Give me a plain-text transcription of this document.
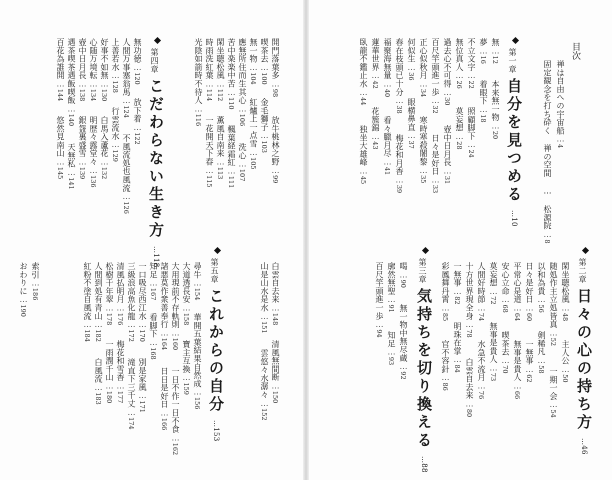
目次
禅は自由への宇宙船…4
固定観念を打ち砕く 禅の空間 … 松源院…8
第一章
自分を見つめる
…10
無…12
本来無一物…20
夢…16
着眼下…18
不立文字…22
照顧脚下…24
無位真人…26
莫妄想…28
過去心不可得…30
壺中日月長…31
百尺竿頭進一歩…32
日々是好日…33
正心似秋月…34
寒時寒殺闍黎…35
何似生…36
眼横鼻直…37
春在枝頭已十分…38
梅花和月香…39
福聚海無量…40
看々臘月尽…41
蓮華世界…42
花簇錦…43
臥龍不鑑止水…44
独坐大雄峰…45
第二章
日々の心の持ち方
…46
閑坐聴松風…48
主人公…50
随処作主立処皆真…52
一期一会…54
以和為貴…56
剣稀凡…58
日々是好日…60
一無事…62
平常心是道…64
無事是貴人…66
安心立命…68
喫茶去…70
莫妄想…72
無事是貴人…73
人間好時節…74
水急不流月…76
十方世界現全身…78
白雲自去来…80
一無事…82
明珠在掌…84
彩鳳舞丹霄…85
官不容針…86
第三章
気持ちを切り換える
…88
喝…90
無一物中無尽蔵…92
廓然無聖…91
知足…93
百尺竿頭進一歩…94
第四章
こだわらない生き方
…118
開門落葉多…98
放牛桃林之野…99
喫茶去…100
金毛獅子…103
無一物…104
紅爐上一点雪…105
應無所住而生其心…106
洗心…107
苦中楽楽中苦…110
楓葉経霜紅…111
閑坐聴松風…112
薫風自南来…113
時雨洗紅葉…114
一花開天下春…115
光陰如箭時不待人…116
無功徳…120
放下着…122
人間万事塞翁馬…124
不風流処也風流…126
上善若水…128
行雲流水…129
好事不如無…130
白馬入蘆花…132
心随万境転…134
明歴々露堂々…136
壺中日月長…138
銀盌裏盛雪…139
遇茶喫茶遇飯喫飯…140
天無私…141
百花為誰開…144
悠然見南山…145
第五章
これからの自分
…153
白雲自去来…148
清風無間断…150
山是山水是水…151
雲悠々水潺々…152
尋牛…154
華開五葉結果自然成…156
大道透長安…158
寶主互換…159
大用現前不存軌則…160
一日不作一日不食…162
諸悪莫作衆善奉行…164
日日是好日…166
知足…167
看脚下…168
一口吸尽西江水…170
別是家風…171
三級浪高魚化龍…172
滝直下三千丈…174
清風払明月…176
梅花和雪香…177
松樹千年翠…178
一雨潤千山…180
人間到処有青山…182
白風流…183
紅粉不塗自風流…184
索引…186
おわりに…190
